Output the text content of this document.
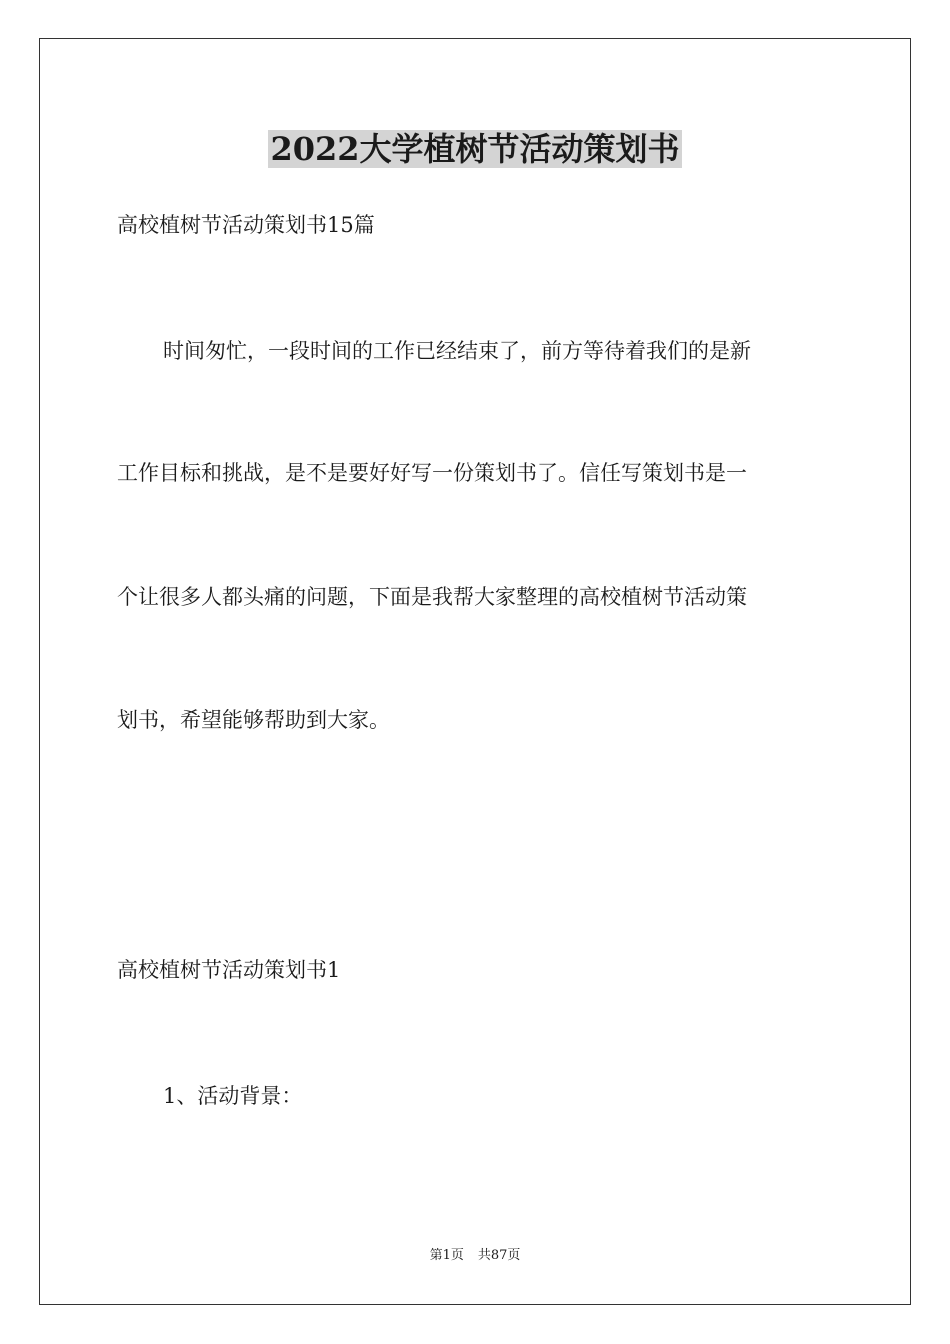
2022大学植树节活动策划书

高校植树节活动策划书15篇

时间匆忙，一段时间的工作已经结束了，前方等待着我们的是新

工作目标和挑战，是不是要好好写一份策划书了。信任写策划书是一

个让很多人都头痛的问题，下面是我帮大家整理的高校植树节活动策

划书，希望能够帮助到大家。

高校植树节活动策划书1

1、活动背景：

第1页 共87页
